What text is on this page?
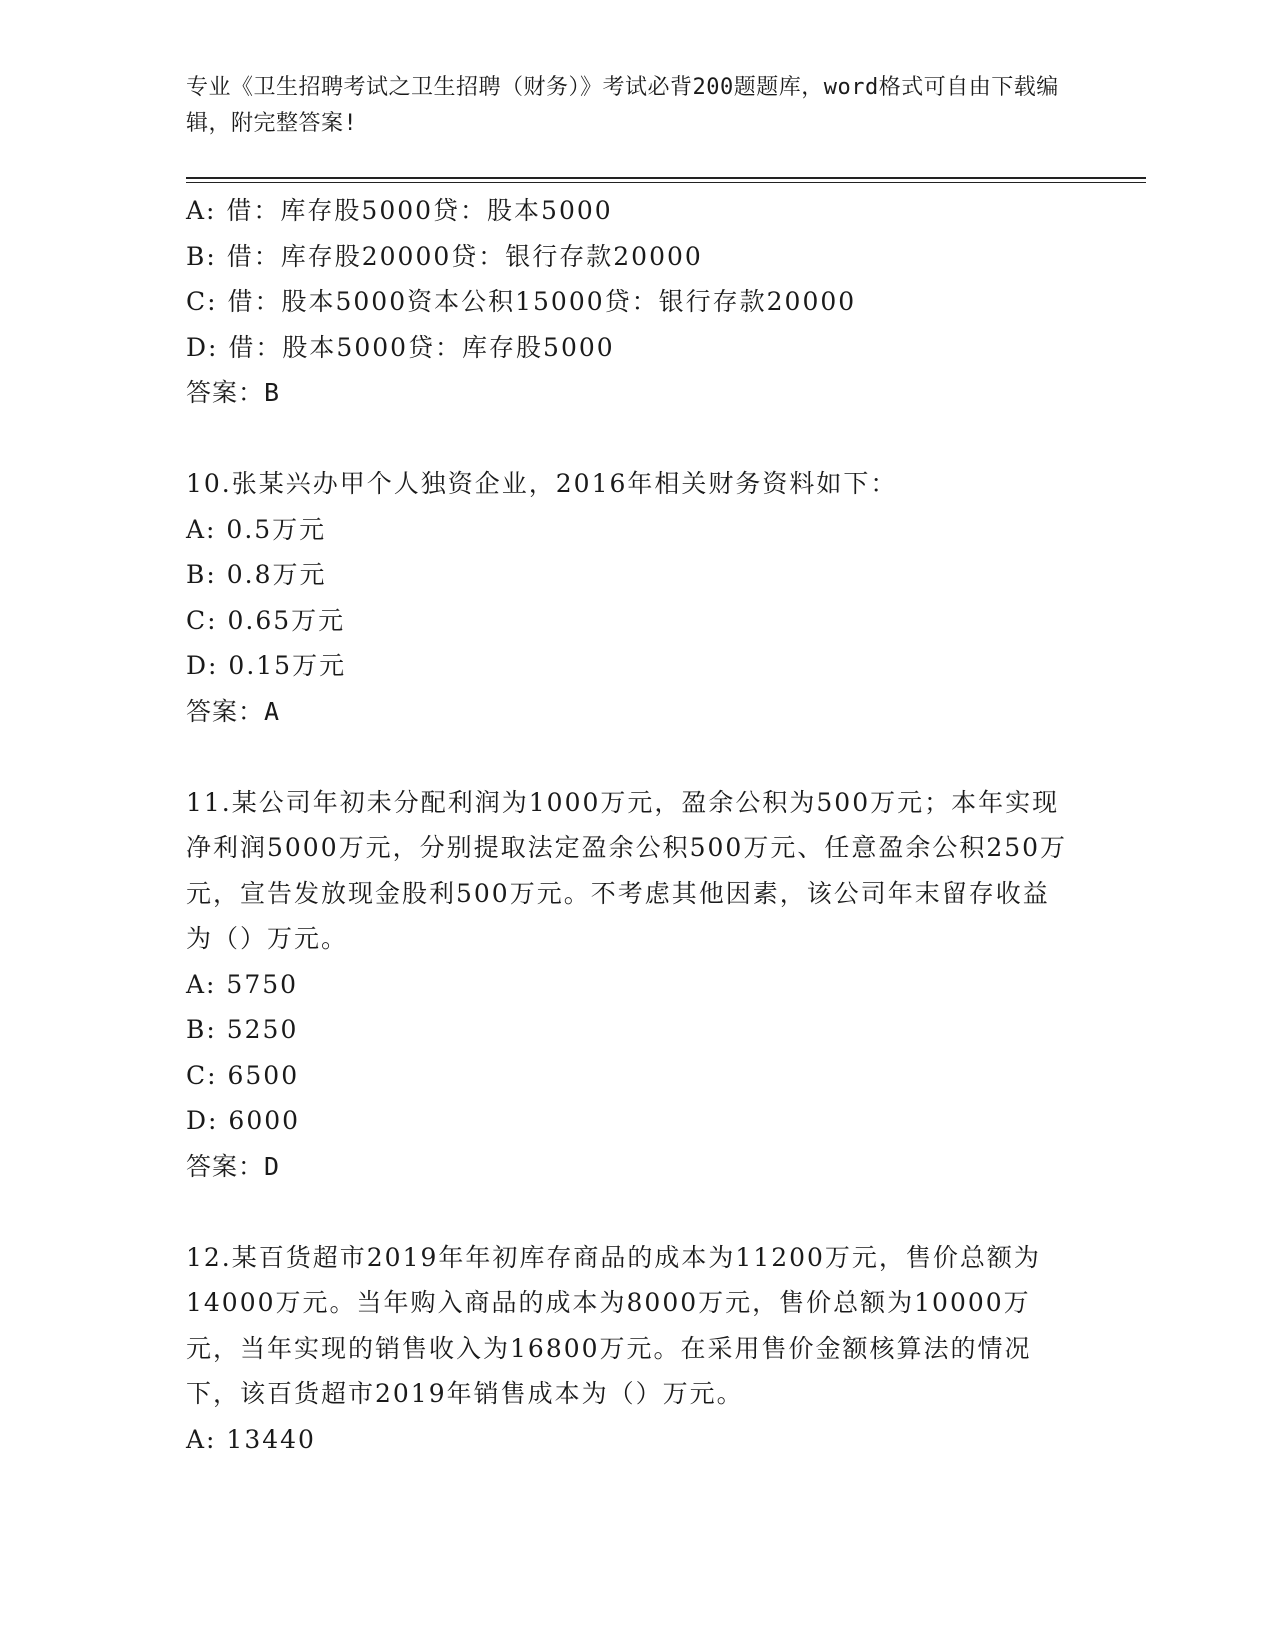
专业《卫生招聘考试之卫生招聘（财务）》考试必背200题题库，word格式可自由下载编辑，附完整答案!
A: 借：库存股5000贷：股本5000
B: 借：库存股20000贷：银行存款20000
C: 借：股本5000资本公积15000贷：银行存款20000
D: 借：股本5000贷：库存股5000
答案：B
10.张某兴办甲个人独资企业，2016年相关财务资料如下：
A: 0.5万元
B: 0.8万元
C: 0.65万元
D: 0.15万元
答案：A
11.某公司年初未分配利润为1000万元，盈余公积为500万元；本年实现净利润5000万元，分别提取法定盈余公积500万元、任意盈余公积250万元，宣告发放现金股利500万元。不考虑其他因素，该公司年末留存收益为（）万元。
A: 5750
B: 5250
C: 6500
D: 6000
答案：D
12.某百货超市2019年年初库存商品的成本为11200万元，售价总额为14000万元。当年购入商品的成本为8000万元，售价总额为10000万元，当年实现的销售收入为16800万元。在采用售价金额核算法的情况下，该百货超市2019年销售成本为（）万元。
A: 13440
